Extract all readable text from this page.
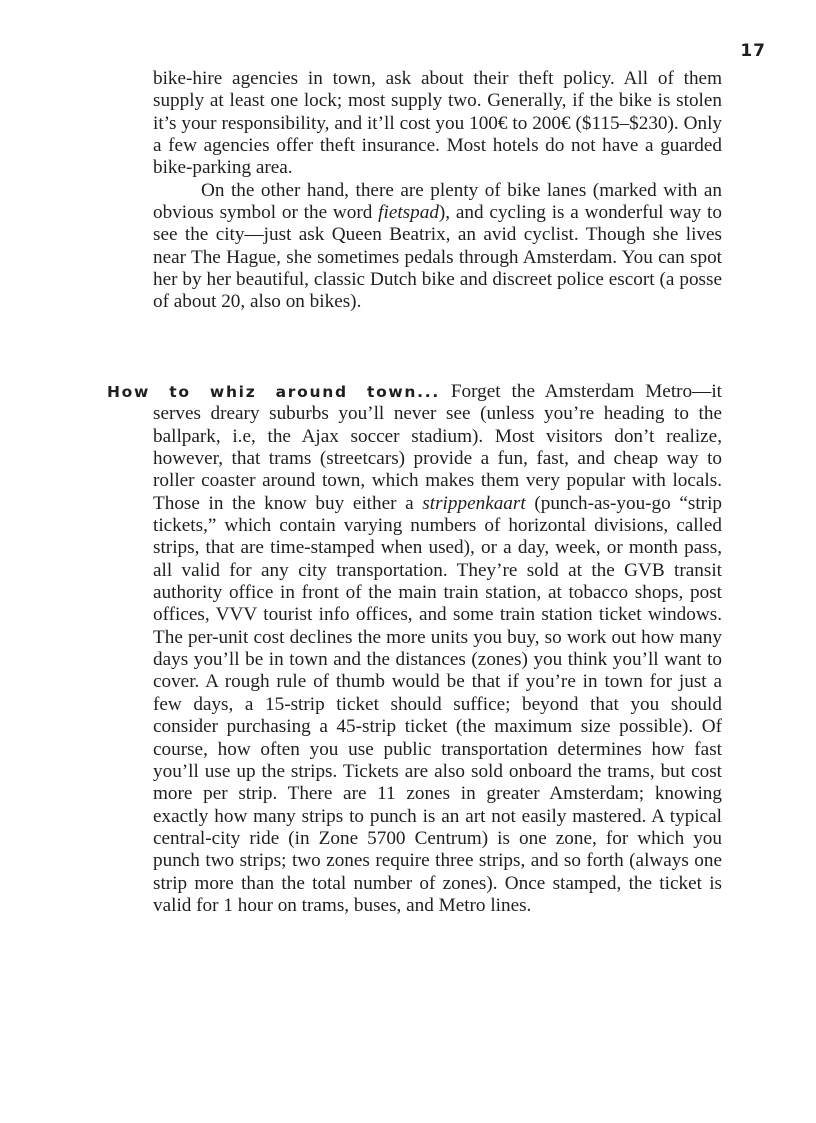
17

bike-hire agencies in town, ask about their theft policy. All of them supply at least one lock; most supply two. Generally, if the bike is stolen it’s your responsibility, and it’ll cost you 100€ to 200€ ($115–$230). Only a few agencies offer theft insurance. Most hotels do not have a guarded bike-parking area.

On the other hand, there are plenty of bike lanes (marked with an obvious symbol or the word fietspad), and cycling is a wonderful way to see the city—just ask Queen Beatrix, an avid cyclist. Though she lives near The Hague, she sometimes pedals through Amsterdam. You can spot her by her beautiful, classic Dutch bike and discreet police escort (a posse of about 20, also on bikes).

How to whiz around town... Forget the Amsterdam Metro—it serves dreary suburbs you’ll never see (unless you’re heading to the ballpark, i.e, the Ajax soccer stadium). Most visitors don’t realize, however, that trams (streetcars) provide a fun, fast, and cheap way to roller coaster around town, which makes them very popular with locals. Those in the know buy either a strippenkaart (punch-as-you-go “strip tickets,” which contain varying numbers of horizontal divisions, called strips, that are time-stamped when used), or a day, week, or month pass, all valid for any city transportation. They’re sold at the GVB transit authority office in front of the main train station, at tobacco shops, post offices, VVV tourist info offices, and some train station ticket windows. The per-unit cost declines the more units you buy, so work out how many days you’ll be in town and the distances (zones) you think you’ll want to cover. A rough rule of thumb would be that if you’re in town for just a few days, a 15-strip ticket should suffice; beyond that you should consider purchasing a 45-strip ticket (the maximum size possible). Of course, how often you use public transportation determines how fast you’ll use up the strips. Tickets are also sold onboard the trams, but cost more per strip. There are 11 zones in greater Amsterdam; knowing exactly how many strips to punch is an art not easily mastered. A typical central-city ride (in Zone 5700 Centrum) is one zone, for which you punch two strips; two zones require three strips, and so forth (always one strip more than the total number of zones). Once stamped, the ticket is valid for 1 hour on trams, buses, and Metro lines.
